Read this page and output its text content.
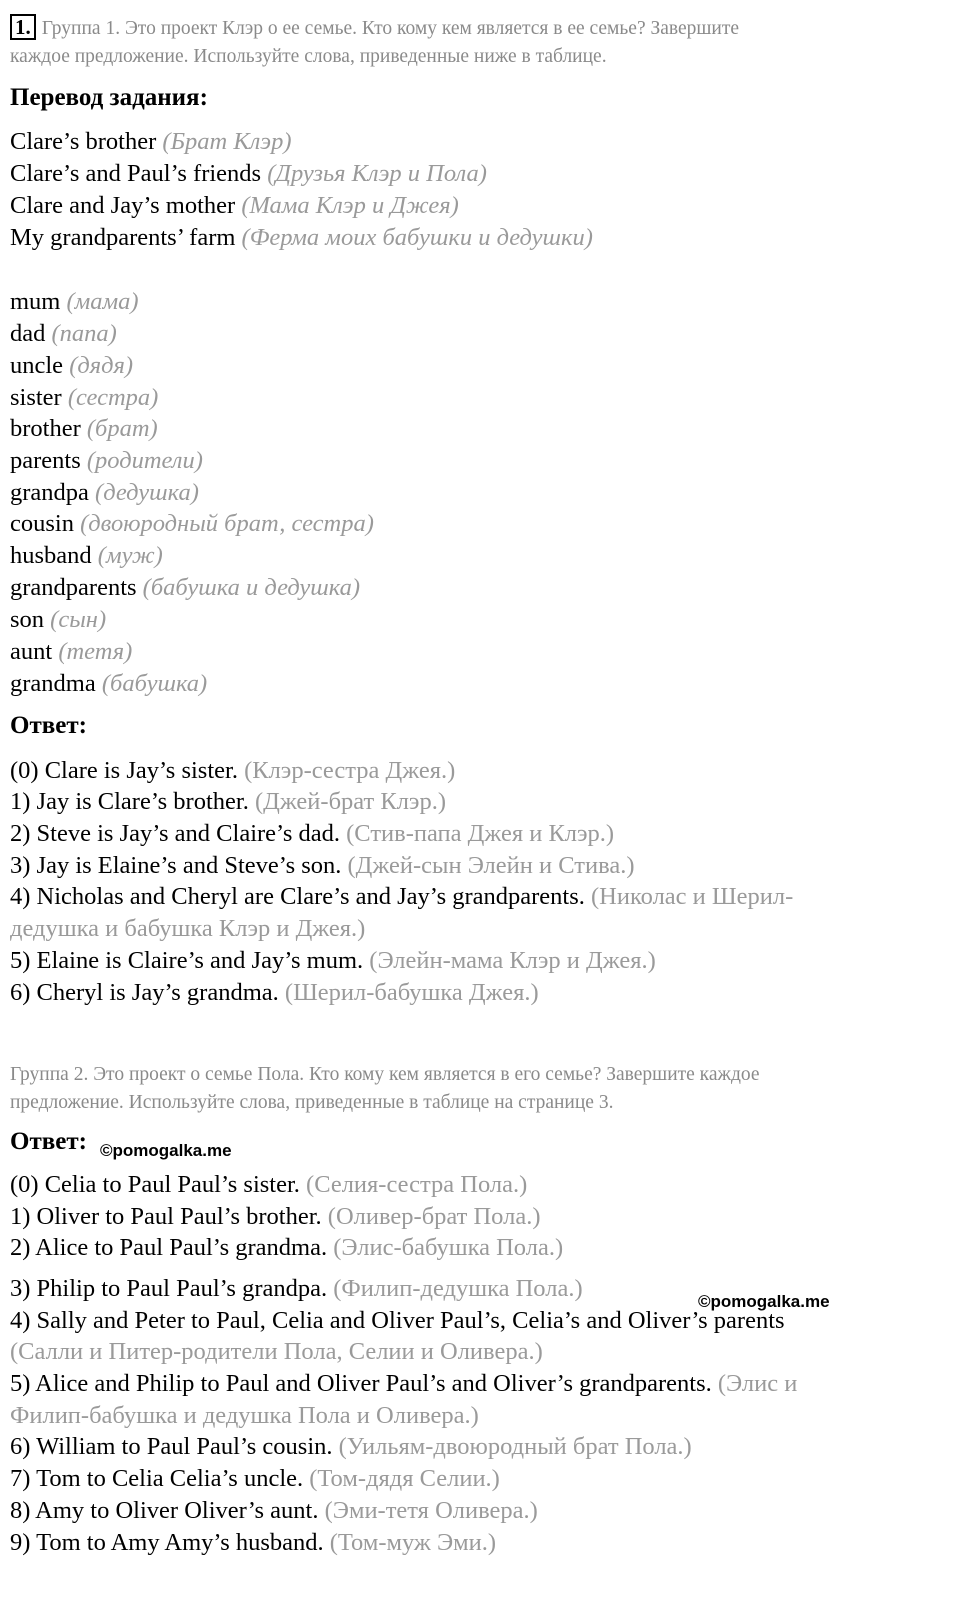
1. Группа 1. Это проект Клэр о ее семье. Кто кому кем является в ее семье? Завершите
каждое предложение. Используйте слова, приведенные ниже в таблице.
Перевод задания:
Clare’s brother (Брат Клэр)
Clare’s and Paul’s friends (Друзья Клэр и Пола)
Clare and Jay’s mother (Мама Клэр и Джея)
My grandparents’ farm (Ферма моих бабушки и дедушки)
mum (мама)
dad (папа)
uncle (дядя)
sister (сестра)
brother (брат)
parents (родители)
grandpa (дедушка)
cousin (двоюродный брат, сестра)
husband (муж)
grandparents (бабушка и дедушка)
son (сын)
aunt (тетя)
grandma (бабушка)
Ответ:
(0) Clare is Jay’s sister. (Клэр-сестра Джея.)
1) Jay is Clare’s brother. (Джей-брат Клэр.)
2) Steve is Jay’s and Claire’s dad. (Стив-папа Джея и Клэр.)
3) Jay is Elaine’s and Steve’s son. (Джей-сын Элейн и Стива.)
4) Nicholas and Cheryl are Clare’s and Jay’s grandparents. (Николас и Шерил-
дедушка и бабушка Клэр и Джея.)
5) Elaine is Claire’s and Jay’s mum. (Элейн-мама Клэр и Джея.)
6) Cheryl is Jay’s grandma. (Шерил-бабушка Джея.)
Группа 2. Это проект о семье Пола. Кто кому кем является в его семье? Завершите каждое
предложение. Используйте слова, приведенные в таблице на странице 3.
Ответ: ©pomogalka.me
(0) Celia to Paul Paul’s sister. (Селия-сестра Пола.)
1) Oliver to Paul Paul’s brother. (Оливер-брат Пола.)
2) Alice to Paul Paul’s grandma. (Элис-бабушка Пола.)
3) Philip to Paul Paul’s grandpa. (Филип-дедушка Пола.)	©pomogalka.me
4) Sally and Peter to Paul, Celia and Oliver Paul’s, Celia’s and Oliver’s parents
(Салли и Питер-родители Пола, Селии и Оливера.)
5) Alice and Philip to Paul and Oliver Paul’s and Oliver’s grandparents. (Элис и
Филип-бабушка и дедушка Пола и Оливера.)
6) William to Paul Paul’s cousin. (Уильям-двоюродный брат Пола.)
7) Tom to Celia Celia’s uncle. (Том-дядя Селии.)
8) Amy to Oliver Oliver’s aunt. (Эми-тетя Оливера.)
9) Tom to Amy Amy’s husband. (Том-муж Эми.)
